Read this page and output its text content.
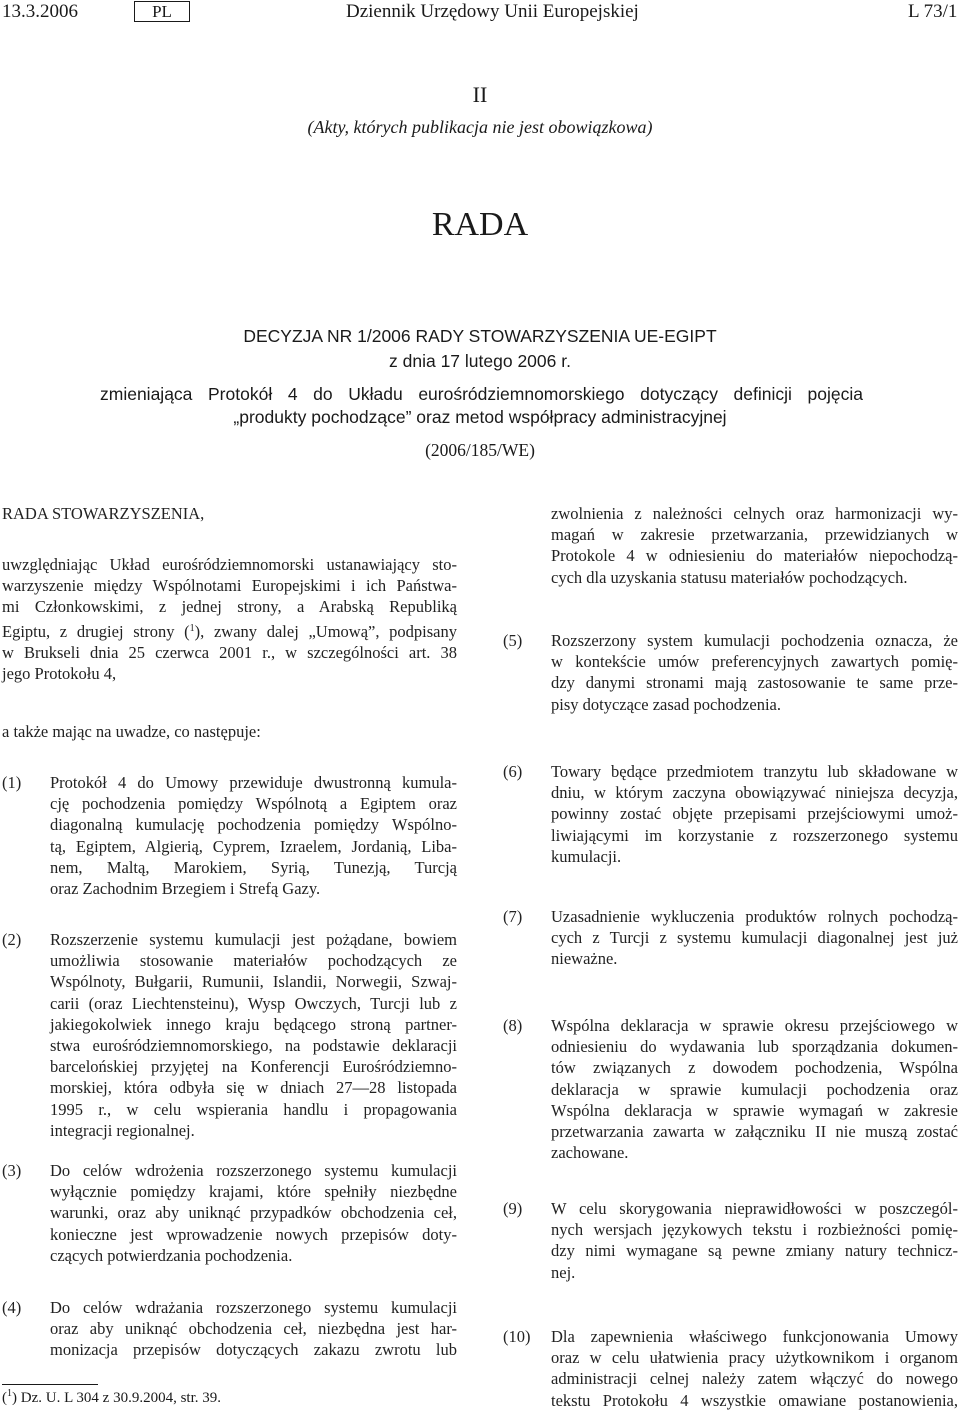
13.3.2006	PL	Dziennik Urzędowy Unii Europejskiej	L 73/1
II
(Akty, których publikacja nie jest obowiązkowa)
RADA
DECYZJA NR 1/2006 RADY STOWARZYSZENIA UE-EGIPT
z dnia 17 lutego 2006 r.
zmieniająca Protokół 4 do Układu eurośródziemnomorskiego dotyczący definicji pojęcia
„produkty pochodzące” oraz metod współpracy administracyjnej
(2006/185/WE)
RADA STOWARZYSZENIA,
uwzględniając Układ eurośródziemnomorski ustanawiający sto-
warzyszenie między Wspólnotami Europejskimi i ich Państwa-
mi Członkowskimi, z jednej strony, a Arabską Republiką
Egiptu, z drugiej strony ($^1$), zwany dalej „Umową”, podpisany
w Brukseli dnia 25 czerwca 2001 r., w szczególności art. 38
jego Protokołu 4,
a także mając na uwadze, co następuje:
(1) Protokół 4 do Umowy przewiduje dwustronną kumula-
cję pochodzenia pomiędzy Wspólnotą a Egiptem oraz
diagonalną kumulację pochodzenia pomiędzy Wspólno-
tą, Egiptem, Algierią, Cyprem, Izraelem, Jordanią, Liba-
nem, Maltą, Marokiem, Syrią, Tunezją, Turcją
oraz Zachodnim Brzegiem i Strefą Gazy.
(2) Rozszerzenie systemu kumulacji jest pożądane, bowiem
umożliwia stosowanie materiałów pochodzących ze
Wspólnoty, Bułgarii, Rumunii, Islandii, Norwegii, Szwaj-
carii (oraz Liechtensteinu), Wysp Owczych, Turcji lub z
jakiegokolwiek innego kraju będącego stroną partner-
stwa eurośródziemnomorskiego, na podstawie deklaracji
barcelońskiej przyjętej na Konferencji Eurośródziemno-
morskiej, która odbyła się w dniach 27—28 listopada
1995 r., w celu wspierania handlu i propagowania
integracji regionalnej.
(3) Do celów wdrożenia rozszerzonego systemu kumulacji
wyłącznie pomiędzy krajami, które spełniły niezbędne
warunki, oraz aby uniknąć przypadków obchodzenia ceł,
konieczne jest wprowadzenie nowych przepisów doty-
czących potwierdzania pochodzenia.
(4) Do celów wdrażania rozszerzonego systemu kumulacji
oraz aby uniknąć obchodzenia ceł, niezbędna jest har-
monizacja przepisów dotyczących zakazu zwrotu lub
zwolnienia z należności celnych oraz harmonizacji wy-
magań w zakresie przetwarzania, przewidzianych w
Protokole 4 w odniesieniu do materiałów niepochodzą-
cych dla uzyskania statusu materiałów pochodzących.
(5) Rozszerzony system kumulacji pochodzenia oznacza, że
w kontekście umów preferencyjnych zawartych pomię-
dzy danymi stronami mają zastosowanie te same prze-
pisy dotyczące zasad pochodzenia.
(6) Towary będące przedmiotem tranzytu lub składowane w
dniu, w którym zaczyna obowiązywać niniejsza decyzja,
powinny zostać objęte przepisami przejściowymi umoż-
liwiającymi im korzystanie z rozszerzonego systemu
kumulacji.
(7) Uzasadnienie wykluczenia produktów rolnych pochodzą-
cych z Turcji z systemu kumulacji diagonalnej jest już
nieważne.
(8) Wspólna deklaracja w sprawie okresu przejściowego w
odniesieniu do wydawania lub sporządzania dokumen-
tów związanych z dowodem pochodzenia, Wspólna
deklaracja w sprawie kumulacji pochodzenia oraz
Wspólna deklaracja w sprawie wymagań w zakresie
przetwarzania zawarta w załączniku II nie muszą zostać
zachowane.
(9) W celu skorygowania nieprawidłowości w poszczegól-
nych wersjach językowych tekstu i rozbieżności pomię-
dzy nimi wymagane są pewne zmiany natury technicz-
nej.
(10) Dla zapewnienia właściwego funkcjonowania Umowy
oraz w celu ułatwienia pracy użytkownikom i organom
administracji celnej należy zatem włączyć do nowego
tekstu Protokołu 4 wszystkie omawiane postanowienia,
($^1$) Dz. U. L 304 z 30.9.2004, str. 39.
